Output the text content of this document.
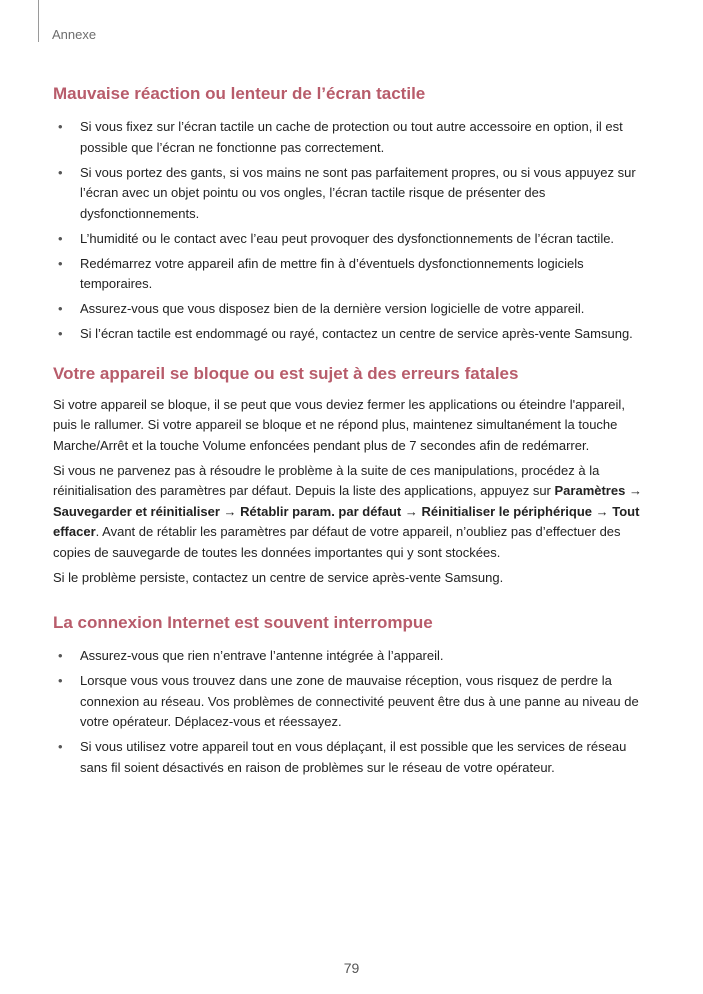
Annexe
Mauvaise réaction ou lenteur de l’écran tactile
• Si vous fixez sur l’écran tactile un cache de protection ou tout autre accessoire en option, il est possible que l’écran ne fonctionne pas correctement.
• Si vous portez des gants, si vos mains ne sont pas parfaitement propres, ou si vous appuyez sur l’écran avec un objet pointu ou vos ongles, l’écran tactile risque de présenter des dysfonctionnements.
• L’humidité ou le contact avec l’eau peut provoquer des dysfonctionnements de l’écran tactile.
• Redémarrez votre appareil afin de mettre fin à d’éventuels dysfonctionnements logiciels temporaires.
• Assurez-vous que vous disposez bien de la dernière version logicielle de votre appareil.
• Si l’écran tactile est endommagé ou rayé, contactez un centre de service après-vente Samsung.
Votre appareil se bloque ou est sujet à des erreurs fatales

Si votre appareil se bloque, il se peut que vous deviez fermer les applications ou éteindre l'appareil, puis le rallumer. Si votre appareil se bloque et ne répond plus, maintenez simultanément la touche Marche/Arrêt et la touche Volume enfoncées pendant plus de 7 secondes afin de redémarrer.

Si vous ne parvenez pas à résoudre le problème à la suite de ces manipulations, procédez à la réinitialisation des paramètres par défaut. Depuis la liste des applications, appuyez sur Paramètres → Sauvegarder et réinitialiser → Rétablir param. par défaut → Réinitialiser le périphérique → Tout effacer. Avant de rétablir les paramètres par défaut de votre appareil, n’oubliez pas d’effectuer des copies de sauvegarde de toutes les données importantes qui y sont stockées.

Si le problème persiste, contactez un centre de service après-vente Samsung.

La connexion Internet est souvent interrompue
• Assurez-vous que rien n’entrave l’antenne intégrée à l’appareil.
• Lorsque vous vous trouvez dans une zone de mauvaise réception, vous risquez de perdre la connexion au réseau. Vos problèmes de connectivité peuvent être dus à une panne au niveau de votre opérateur. Déplacez-vous et réessayez.
• Si vous utilisez votre appareil tout en vous déplaçant, il est possible que les services de réseau sans fil soient désactivés en raison de problèmes sur le réseau de votre opérateur.
79
